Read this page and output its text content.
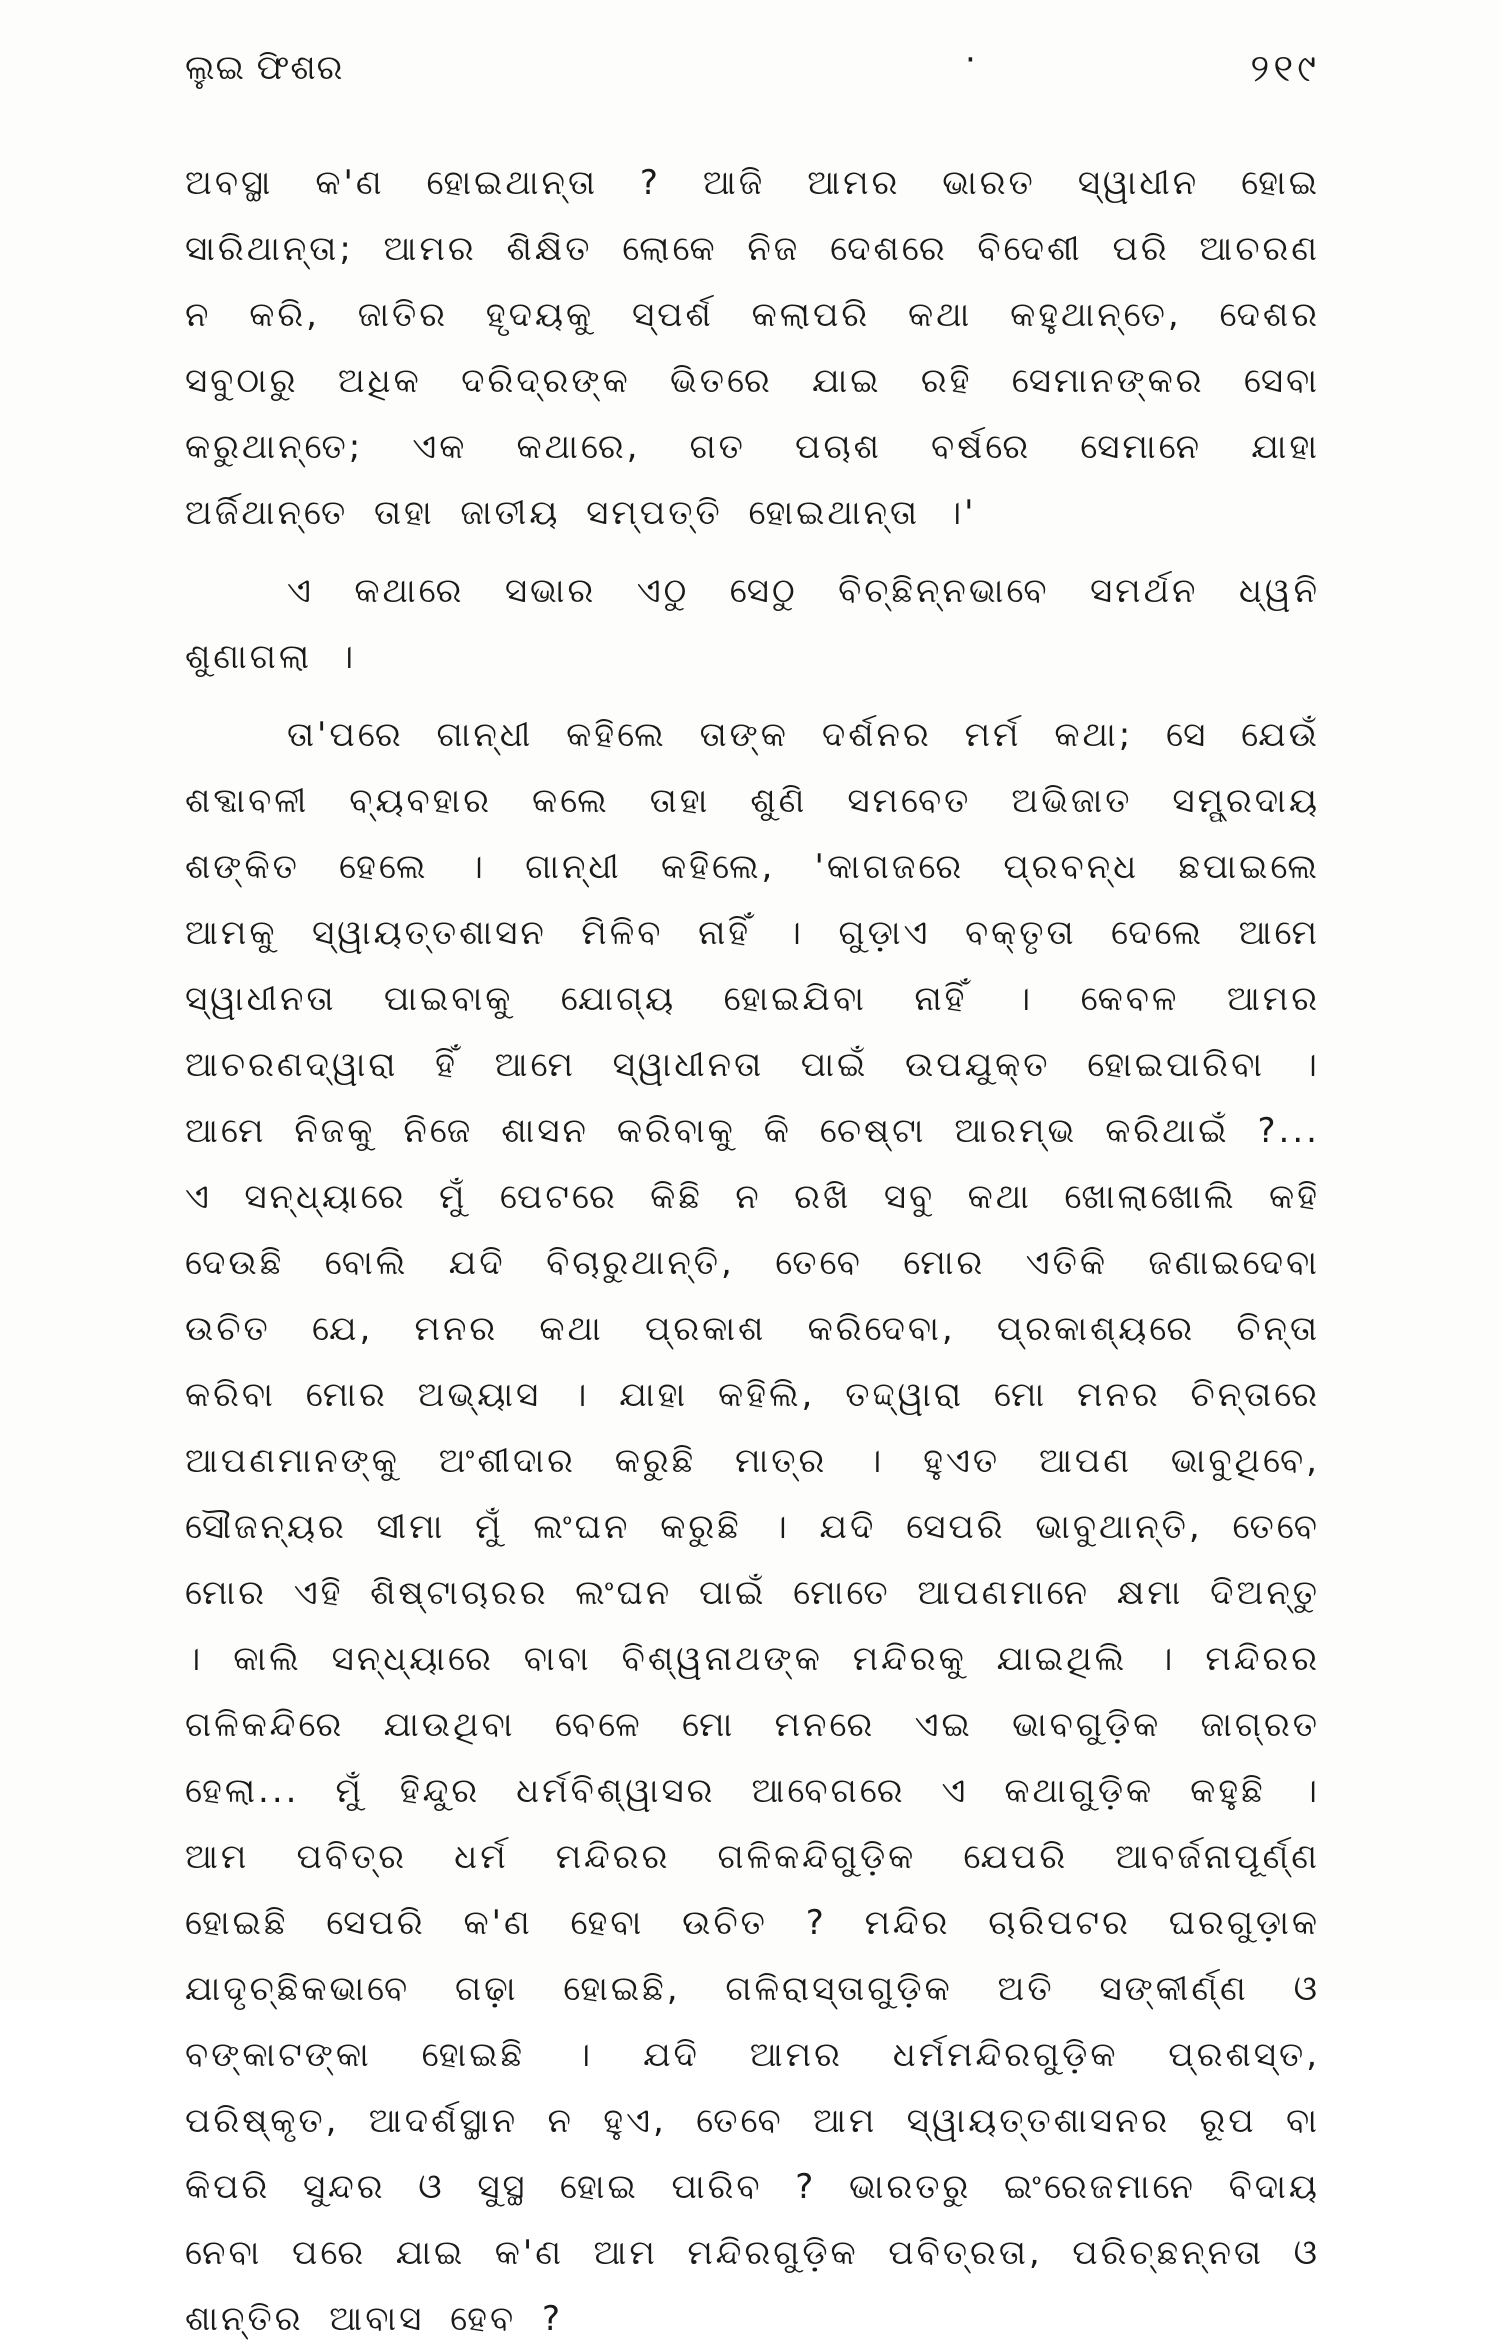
ଲୁଇ ଫିଶର	·	୨୧୯

ଅବସ୍ଥା କ'ଣ ହୋଇଥାନ୍ତା ? ଆଜି ଆମର ଭାରତ ସ୍ୱାଧୀନ ହୋଇ ସାରିଥାନ୍ତା; ଆମର ଶିକ୍ଷିତ ଲୋକେ ନିଜ ଦେଶରେ ବିଦେଶୀ ପରି ଆଚରଣ ନ କରି, ଜାତିର ହୃଦୟକୁ ସ୍ପର୍ଶ କଲାପରି କଥା କହୁଥାନ୍ତେ, ଦେଶର ସବୁଠାରୁ ଅଧିକ ଦରିଦ୍ରଙ୍କ ଭିତରେ ଯାଇ ରହି ସେମାନଙ୍କର ସେବା କରୁଥାନ୍ତେ; ଏକ କଥାରେ, ଗତ ପଚାଶ ବର୍ଷରେ ସେମାନେ ଯାହା ଅର୍ଜିଥାନ୍ତେ ତାହା ଜାତୀୟ ସମ୍ପତ୍ତି ହୋଇଥାନ୍ତା ।'

ଏ କଥାରେ ସଭାର ଏଠୁ ସେଠୁ ବିଚ୍ଛିନ୍ନଭାବେ ସମର୍ଥନ ଧ୍ୱନି ଶୁଣାଗଲା ।

ତା'ପରେ ଗାନ୍ଧୀ କହିଲେ ତାଙ୍କ ଦର୍ଶନର ମର୍ମ କଥା; ସେ ଯେଉଁ ଶବ୍ଦାବଳୀ ବ୍ୟବହାର କଲେ ତାହା ଶୁଣି ସମବେତ ଅଭିଜାତ ସମ୍ପ୍ରଦାୟ ଶଙ୍କିତ ହେଲେ । ଗାନ୍ଧୀ କହିଲେ, 'କାଗଜରେ ପ୍ରବନ୍ଧ ଛପାଇଲେ ଆମକୁ ସ୍ୱାୟତ୍ତଶାସନ ମିଳିବ ନାହିଁ । ଗୁଡ଼ାଏ ବକ୍ତୃତା ଦେଲେ ଆମେ ସ୍ୱାଧୀନତା ପାଇବାକୁ ଯୋଗ୍ୟ ହୋଇଯିବା ନାହିଁ । କେବଳ ଆମର ଆଚରଣଦ୍ୱାରା ହିଁ ଆମେ ସ୍ୱାଧୀନତା ପାଇଁ ଉପଯୁକ୍ତ ହୋଇପାରିବା । ଆମେ ନିଜକୁ ନିଜେ ଶାସନ କରିବାକୁ କି ଚେଷ୍ଟା ଆରମ୍ଭ କରିଥାଇଁ ?... ଏ ସନ୍ଧ୍ୟାରେ ମୁଁ ପେଟରେ କିଛି ନ ରଖି ସବୁ କଥା ଖୋଲାଖୋଲି କହି ଦେଉଛି ବୋଲି ଯଦି ବିଚାରୁଥାନ୍ତି, ତେବେ ମୋର ଏତିକି ଜଣାଇଦେବା ଉଚିତ ଯେ, ମନର କଥା ପ୍ରକାଶ କରିଦେବା, ପ୍ରକାଶ୍ୟରେ ଚିନ୍ତା କରିବା ମୋର ଅଭ୍ୟାସ । ଯାହା କହିଲି, ତଦ୍ଦ୍ୱାରା ମୋ ମନର ଚିନ୍ତାରେ ଆପଣମାନଙ୍କୁ ଅଂଶୀଦାର କରୁଛି ମାତ୍ର । ହୁଏତ ଆପଣ ଭାବୁଥିବେ, ସୌଜନ୍ୟର ସୀମା ମୁଁ ଲଂଘନ କରୁଛି । ଯଦି ସେପରି ଭାବୁଥାନ୍ତି, ତେବେ ମୋର ଏହି ଶିଷ୍ଟାଚାରର ଲଂଘନ ପାଇଁ ମୋତେ ଆପଣମାନେ କ୍ଷମା ଦିଅନ୍ତୁ । କାଲି ସନ୍ଧ୍ୟାରେ ବାବା ବିଶ୍ୱନାଥଙ୍କ ମନ୍ଦିରକୁ ଯାଇଥିଲି । ମନ୍ଦିରର ଗଳିକନ୍ଦିରେ ଯାଉଥିବା ବେଳେ ମୋ ମନରେ ଏଇ ଭାବଗୁଡ଼ିକ ଜାଗ୍ରତ ହେଲା... ମୁଁ ହିନ୍ଦୁର ଧର୍ମବିଶ୍ୱାସର ଆବେଗରେ ଏ କଥାଗୁଡ଼ିକ କହୁଛି । ଆମ ପବିତ୍ର ଧର୍ମ ମନ୍ଦିରର ଗଳିକନ୍ଦିଗୁଡ଼ିକ ଯେପରି ଆବର୍ଜନାପୂର୍ଣ୍ଣ ହୋଇଛି ସେପରି କ'ଣ ହେବା ଉଚିତ ? ମନ୍ଦିର ଚାରିପଟର ଘରଗୁଡ଼ାକ ଯାଦୃଚ୍ଛିକଭାବେ ଗଢ଼ା ହୋଇଛି, ଗଳିରାସ୍ତାଗୁଡ଼ିକ ଅତି ସଙ୍କୀର୍ଣ୍ଣ ଓ ବଙ୍କାଟଙ୍କା ହୋଇଛି । ଯଦି ଆମର ଧର୍ମମନ୍ଦିରଗୁଡ଼ିକ ପ୍ରଶସ୍ତ, ପରିଷ୍କୃତ, ଆଦର୍ଶସ୍ଥାନ ନ ହୁଏ, ତେବେ ଆମ ସ୍ୱାୟତ୍ତଶାସନର ରୂପ ବା କିପରି ସୁନ୍ଦର ଓ ସୁସ୍ଥ ହୋଇ ପାରିବ ? ଭାରତରୁ ଇଂରେଜମାନେ ବିଦାୟ ନେବା ପରେ ଯାଇ କ'ଣ ଆମ ମନ୍ଦିରଗୁଡ଼ିକ ପବିତ୍ରତା, ପରିଚ୍ଛନ୍ନତା ଓ ଶାନ୍ତିର ଆବାସ ହେବ ?
